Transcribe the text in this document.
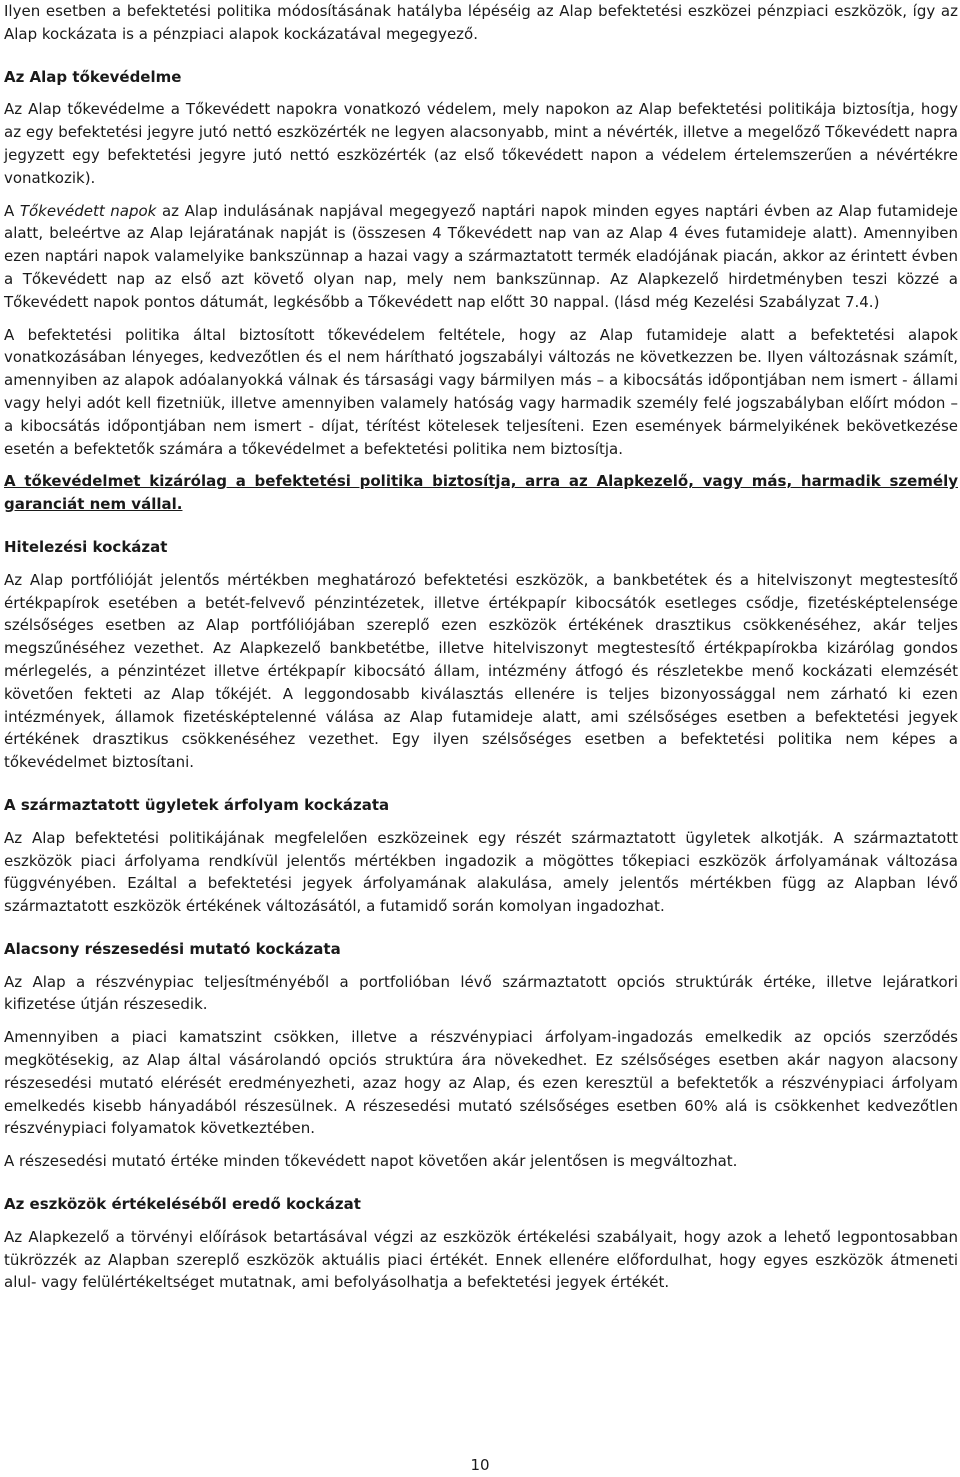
Ilyen esetben a befektetési politika módosításának hatályba lépéséig az Alap befektetési eszközei pénzpiaci eszközök, így az Alap kockázata is a pénzpiaci alapok kockázatával megegyező.

Az Alap tőkevédelme

Az Alap tőkevédelme a Tőkevédett napokra vonatkozó védelem, mely napokon az Alap befektetési politikája biztosítja, hogy az egy befektetési jegyre jutó nettó eszközérték ne legyen alacsonyabb, mint a névérték, illetve a megelőző Tőkevédett napra jegyzett egy befektetési jegyre jutó nettó eszközérték (az első tőkevédett napon a védelem értelemszerűen a névértékre vonatkozik).

A Tőkevédett napok az Alap indulásának napjával megegyező naptári napok minden egyes naptári évben az Alap futamideje alatt, beleértve az Alap lejáratának napját is (összesen 4 Tőkevédett nap van az Alap 4 éves futamideje alatt). Amennyiben ezen naptári napok valamelyike bankszünnap a hazai vagy a származtatott termék eladójának piacán, akkor az érintett évben a Tőkevédett nap az első azt követő olyan nap, mely nem bankszünnap. Az Alapkezelő hirdetményben teszi közzé a Tőkevédett napok pontos dátumát, legkésőbb a Tőkevédett nap előtt 30 nappal. (lásd még Kezelési Szabályzat 7.4.)

A befektetési politika által biztosított tőkevédelem feltétele, hogy az Alap futamideje alatt a befektetési alapok vonatkozásában lényeges, kedvezőtlen és el nem hárítható jogszabályi változás ne következzen be. Ilyen változásnak számít, amennyiben az alapok adóalanyokká válnak és társasági vagy bármilyen más – a kibocsátás időpontjában nem ismert - állami vagy helyi adót kell fizetniük, illetve amennyiben valamely hatóság vagy harmadik személy felé jogszabályban előírt módon – a kibocsátás időpontjában nem ismert - díjat, térítést kötelesek teljesíteni. Ezen események bármelyikének bekövetkezése esetén a befektetők számára a tőkevédelmet a befektetési politika nem biztosítja.

A tőkevédelmet kizárólag a befektetési politika biztosítja, arra az Alapkezelő, vagy más, harmadik személy garanciát nem vállal.

Hitelezési kockázat

Az Alap portfólióját jelentős mértékben meghatározó befektetési eszközök, a bankbetétek és a hitelviszonyt megtestesítő értékpapírok esetében a betét-felvevő pénzintézetek, illetve értékpapír kibocsátók esetleges csődje, fizetésképtelensége szélsőséges esetben az Alap portfóliójában szereplő ezen eszközök értékének drasztikus csökkenéséhez, akár teljes megszűnéséhez vezethet. Az Alapkezelő bankbetétbe, illetve hitelviszonyt megtestesítő értékpapírokba kizárólag gondos mérlegelés, a pénzintézet illetve értékpapír kibocsátó állam, intézmény átfogó és részletekbe menő kockázati elemzését követően fekteti az Alap tőkéjét. A leggondosabb kiválasztás ellenére is teljes bizonyossággal nem zárható ki ezen intézmények, államok fizetésképtelenné válása az Alap futamideje alatt, ami szélsőséges esetben a befektetési jegyek értékének drasztikus csökkenéséhez vezethet. Egy ilyen szélsőséges esetben a befektetési politika nem képes a tőkevédelmet biztosítani.

A származtatott ügyletek árfolyam kockázata

Az Alap befektetési politikájának megfelelően eszközeinek egy részét származtatott ügyletek alkotják. A származtatott eszközök piaci árfolyama rendkívül jelentős mértékben ingadozik a mögöttes tőkepiaci eszközök árfolyamának változása függvényében. Ezáltal a befektetési jegyek árfolyamának alakulása, amely jelentős mértékben függ az Alapban lévő származtatott eszközök értékének változásától, a futamidő során komolyan ingadozhat.

Alacsony részesedési mutató kockázata

Az Alap a részvénypiac teljesítményéből a portfolióban lévő származtatott opciós struktúrák értéke, illetve lejáratkori kifizetése útján részesedik.

Amennyiben a piaci kamatszint csökken, illetve a részvénypiaci árfolyam-ingadozás emelkedik az opciós szerződés megkötésekig, az Alap által vásárolandó opciós struktúra ára növekedhet. Ez szélsőséges esetben akár nagyon alacsony részesedési mutató elérését eredményezheti, azaz hogy az Alap, és ezen keresztül a befektetők a részvénypiaci árfolyam emelkedés kisebb hányadából részesülnek. A részesedési mutató szélsőséges esetben 60% alá is csökkenhet kedvezőtlen részvénypiaci folyamatok következtében.

A részesedési mutató értéke minden tőkevédett napot követően akár jelentősen is megváltozhat.

Az eszközök értékeléséből eredő kockázat

Az Alapkezelő a törvényi előírások betartásával végzi az eszközök értékelési szabályait, hogy azok a lehető legpontosabban tükrözzék az Alapban szereplő eszközök aktuális piaci értékét. Ennek ellenére előfordulhat, hogy egyes eszközök átmeneti alul- vagy felülértékeltséget mutatnak, ami befolyásolhatja a befektetési jegyek értékét.

10
